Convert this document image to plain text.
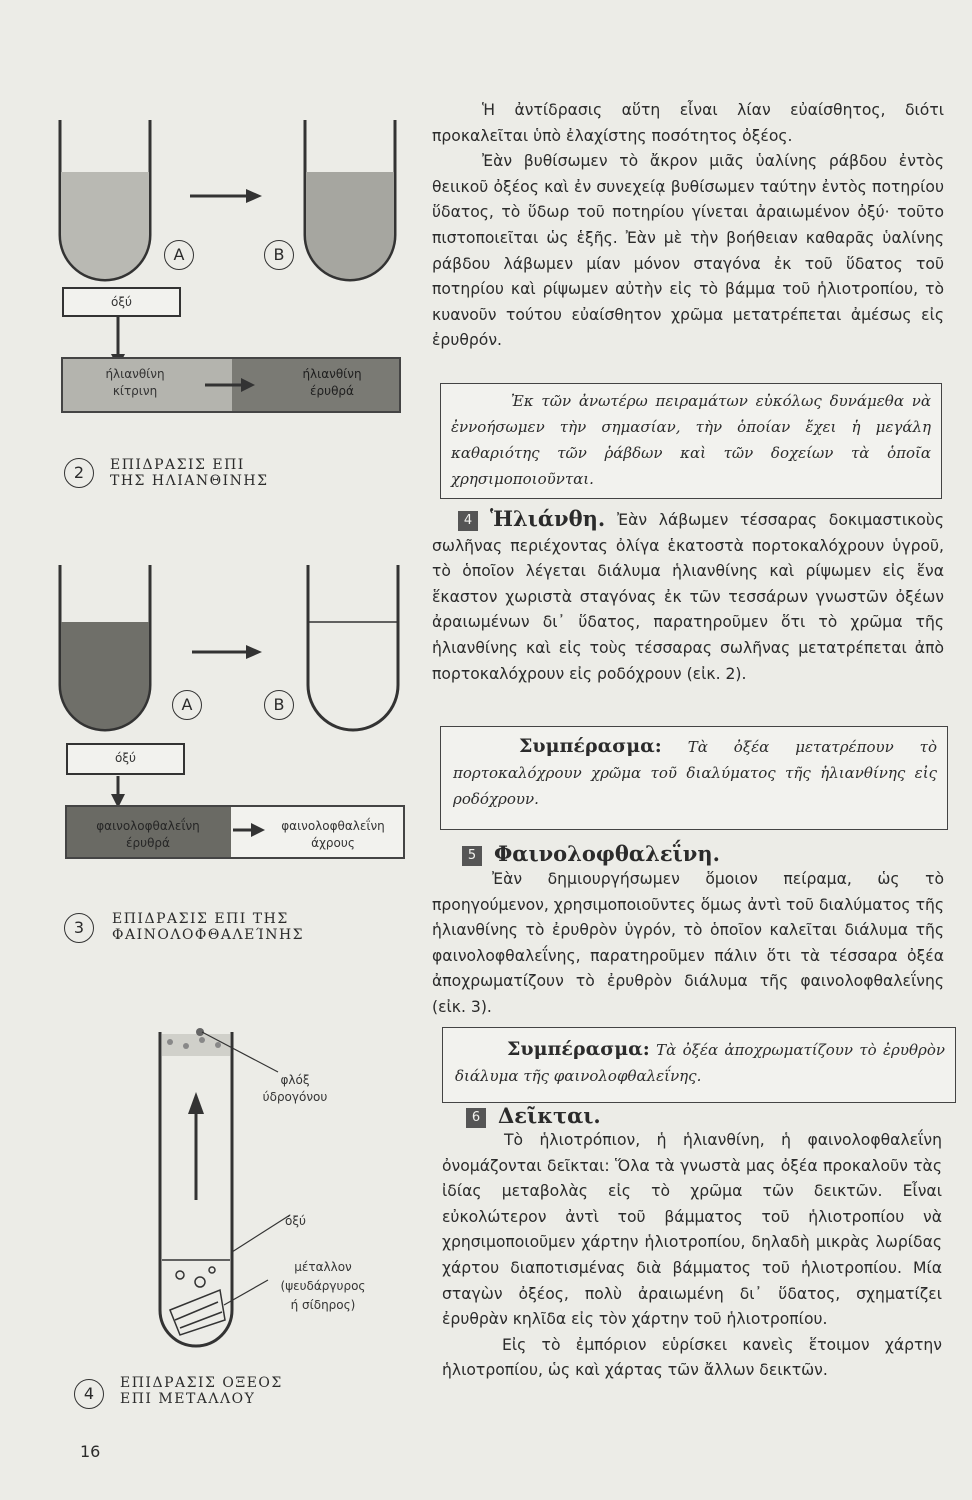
A	B
όξύ
ήλιανθίνη
κίτρινη
ήλιανθίνη
έρυθρά
2	ΕΠΙΔΡΑΣΙΣ ΕΠΙ
ΤΗΣ ΗΛΙΑΝΘΙΝΗΣ
A	B
όξύ
φαινολοφθαλεΐνη
έρυθρά
φαινολοφθαλεΐνη
άχρους
3	ΕΠΙΔΡΑΣΙΣ ΕΠΙ ΤΗΣ
ΦΑΙΝΟΛΟΦΘΑΛΕΊΝΗΣ
φλόξ
ύδρογόνου
όξύ
μέταλλον
(ψευδάργυρος
ή σίδηρος)
4
ΕΠΙΔΡΑΣΙΣ ΟΞΕΟΣ
ΕΠΙ ΜΕΤΑΛΛΟΥ
16

Ἡ ἀντίδρασις αὕτη εἶναι λίαν εὐαίσθητος, διότι προκαλεῖται ὑπὸ ἐλαχίστης ποσότητος ὀξέος.

Ἐὰν βυθίσωμεν τὸ ἄκρον μιᾶς ὑαλίνης ράβδου ἐντὸς θειικοῦ ὀξέος καὶ ἐν συνεχείᾳ βυθίσωμεν ταύτην ἐντὸς ποτηρίου ὕδατος, τὸ ὕδωρ τοῦ ποτηρίου γίνεται ἀραιωμένον ὀξύ· τοῦτο πιστοποιεῖται ὡς ἑξῆς. Ἐὰν μὲ τὴν βοήθειαν καθαρᾶς ὑαλίνης ράβδου λάβωμεν μίαν μόνον σταγόνα ἐκ τοῦ ὕδατος τοῦ ποτηρίου καὶ ρίψωμεν αὐτὴν εἰς τὸ βάμμα τοῦ ἡλιοτροπίου, τὸ κυανοῦν τούτου εὐαίσθητον χρῶμα μετατρέπεται ἀμέσως εἰς ἐρυθρόν.

Ἐκ τῶν ἀνωτέρω πειραμάτων εὐκόλως δυνάμεθα νὰ ἐννοήσωμεν τὴν σημασίαν, τὴν ὁποίαν ἔχει ἡ μεγάλη καθαριότης τῶν ῥάβδων καὶ τῶν δοχείων τὰ ὁποῖα χρησιμοποιοῦνται.
4 Ἡλιάνθη. Ἐὰν λάβωμεν τέσσαρας δοκιμαστικοὺς σωλῆνας περιέχοντας ὀλίγα ἑκατοστὰ πορτοκαλόχρουν ὑγροῦ, τὸ ὁποῖον λέγεται διάλυμα ἡλιανθίνης καὶ ρίψωμεν εἰς ἕνα ἕκαστον χωριστὰ σταγόνας ἐκ τῶν τεσσάρων γνωστῶν ὀξέων ἀραιωμένων δι᾽ ὕδατος, παρατηροῦμεν ὅτι τὸ χρῶμα τῆς ἡλιανθίνης καὶ εἰς τοὺς τέσσαρας σωλῆνας μετατρέπεται ἀπὸ πορτοκαλόχρουν εἰς ροδόχρουν (εἰκ. 2).

Συμπέρασμα: Τὰ ὀξέα μετατρέπουν τὸ πορτοκαλόχρουν χρῶμα τοῦ διαλύματος τῆς ἡλιανθίνης εἰς ροδόχρουν.
5 Φαινολοφθαλεΐνη.

Ἐὰν δημιουργήσωμεν ὅμοιον πείραμα, ὡς τὸ προηγούμενον, χρησιμοποιοῦντες ὅμως ἀντὶ τοῦ διαλύματος τῆς ἡλιανθίνης τὸ ἐρυθρὸν ὑγρόν, τὸ ὁποῖον καλεῖται διάλυμα τῆς φαινολοφθαλεΐνης, παρατηροῦμεν πάλιν ὅτι τὰ τέσσαρα ὀξέα ἀποχρωματίζουν τὸ ἐρυθρὸν διάλυμα τῆς φαινολοφθαλεΐνης (εἰκ. 3).

Συμπέρασμα: Τὰ ὀξέα ἀποχρωματίζουν τὸ ἐρυθρὸν διάλυμα τῆς φαινολοφθαλεΐνης.
6 Δεῖκται.

Τὸ ἡλιοτρόπιον, ἡ ἡλιανθίνη, ἡ φαινολοφθαλεΐνη ὀνομάζονται δεῖκται: Ὅλα τὰ γνωστὰ μας ὀξέα προκαλοῦν τὰς ἰδίας μεταβολὰς εἰς τὸ χρῶμα τῶν δεικτῶν. Εἶναι εὐκολώτερον ἀντὶ τοῦ βάμματος τοῦ ἡλιοτροπίου νὰ χρησιμοποιοῦμεν χάρτην ἡλιοτροπίου, δηλαδὴ μικρὰς λωρίδας χάρτου διαποτισμένας διὰ βάμματος τοῦ ἡλιοτροπίου. Μία σταγὼν ὀξέος, πολὺ ἀραιωμένη δι᾽ ὕδατος, σχηματίζει ἐρυθρὰν κηλῖδα εἰς τὸν χάρτην τοῦ ἡλιοτροπίου.

Εἰς τὸ ἐμπόριον εὑρίσκει κανεὶς ἕτοιμον χάρτην ἡλιοτροπίου, ὡς καὶ χάρτας τῶν ἄλλων δεικτῶν.
